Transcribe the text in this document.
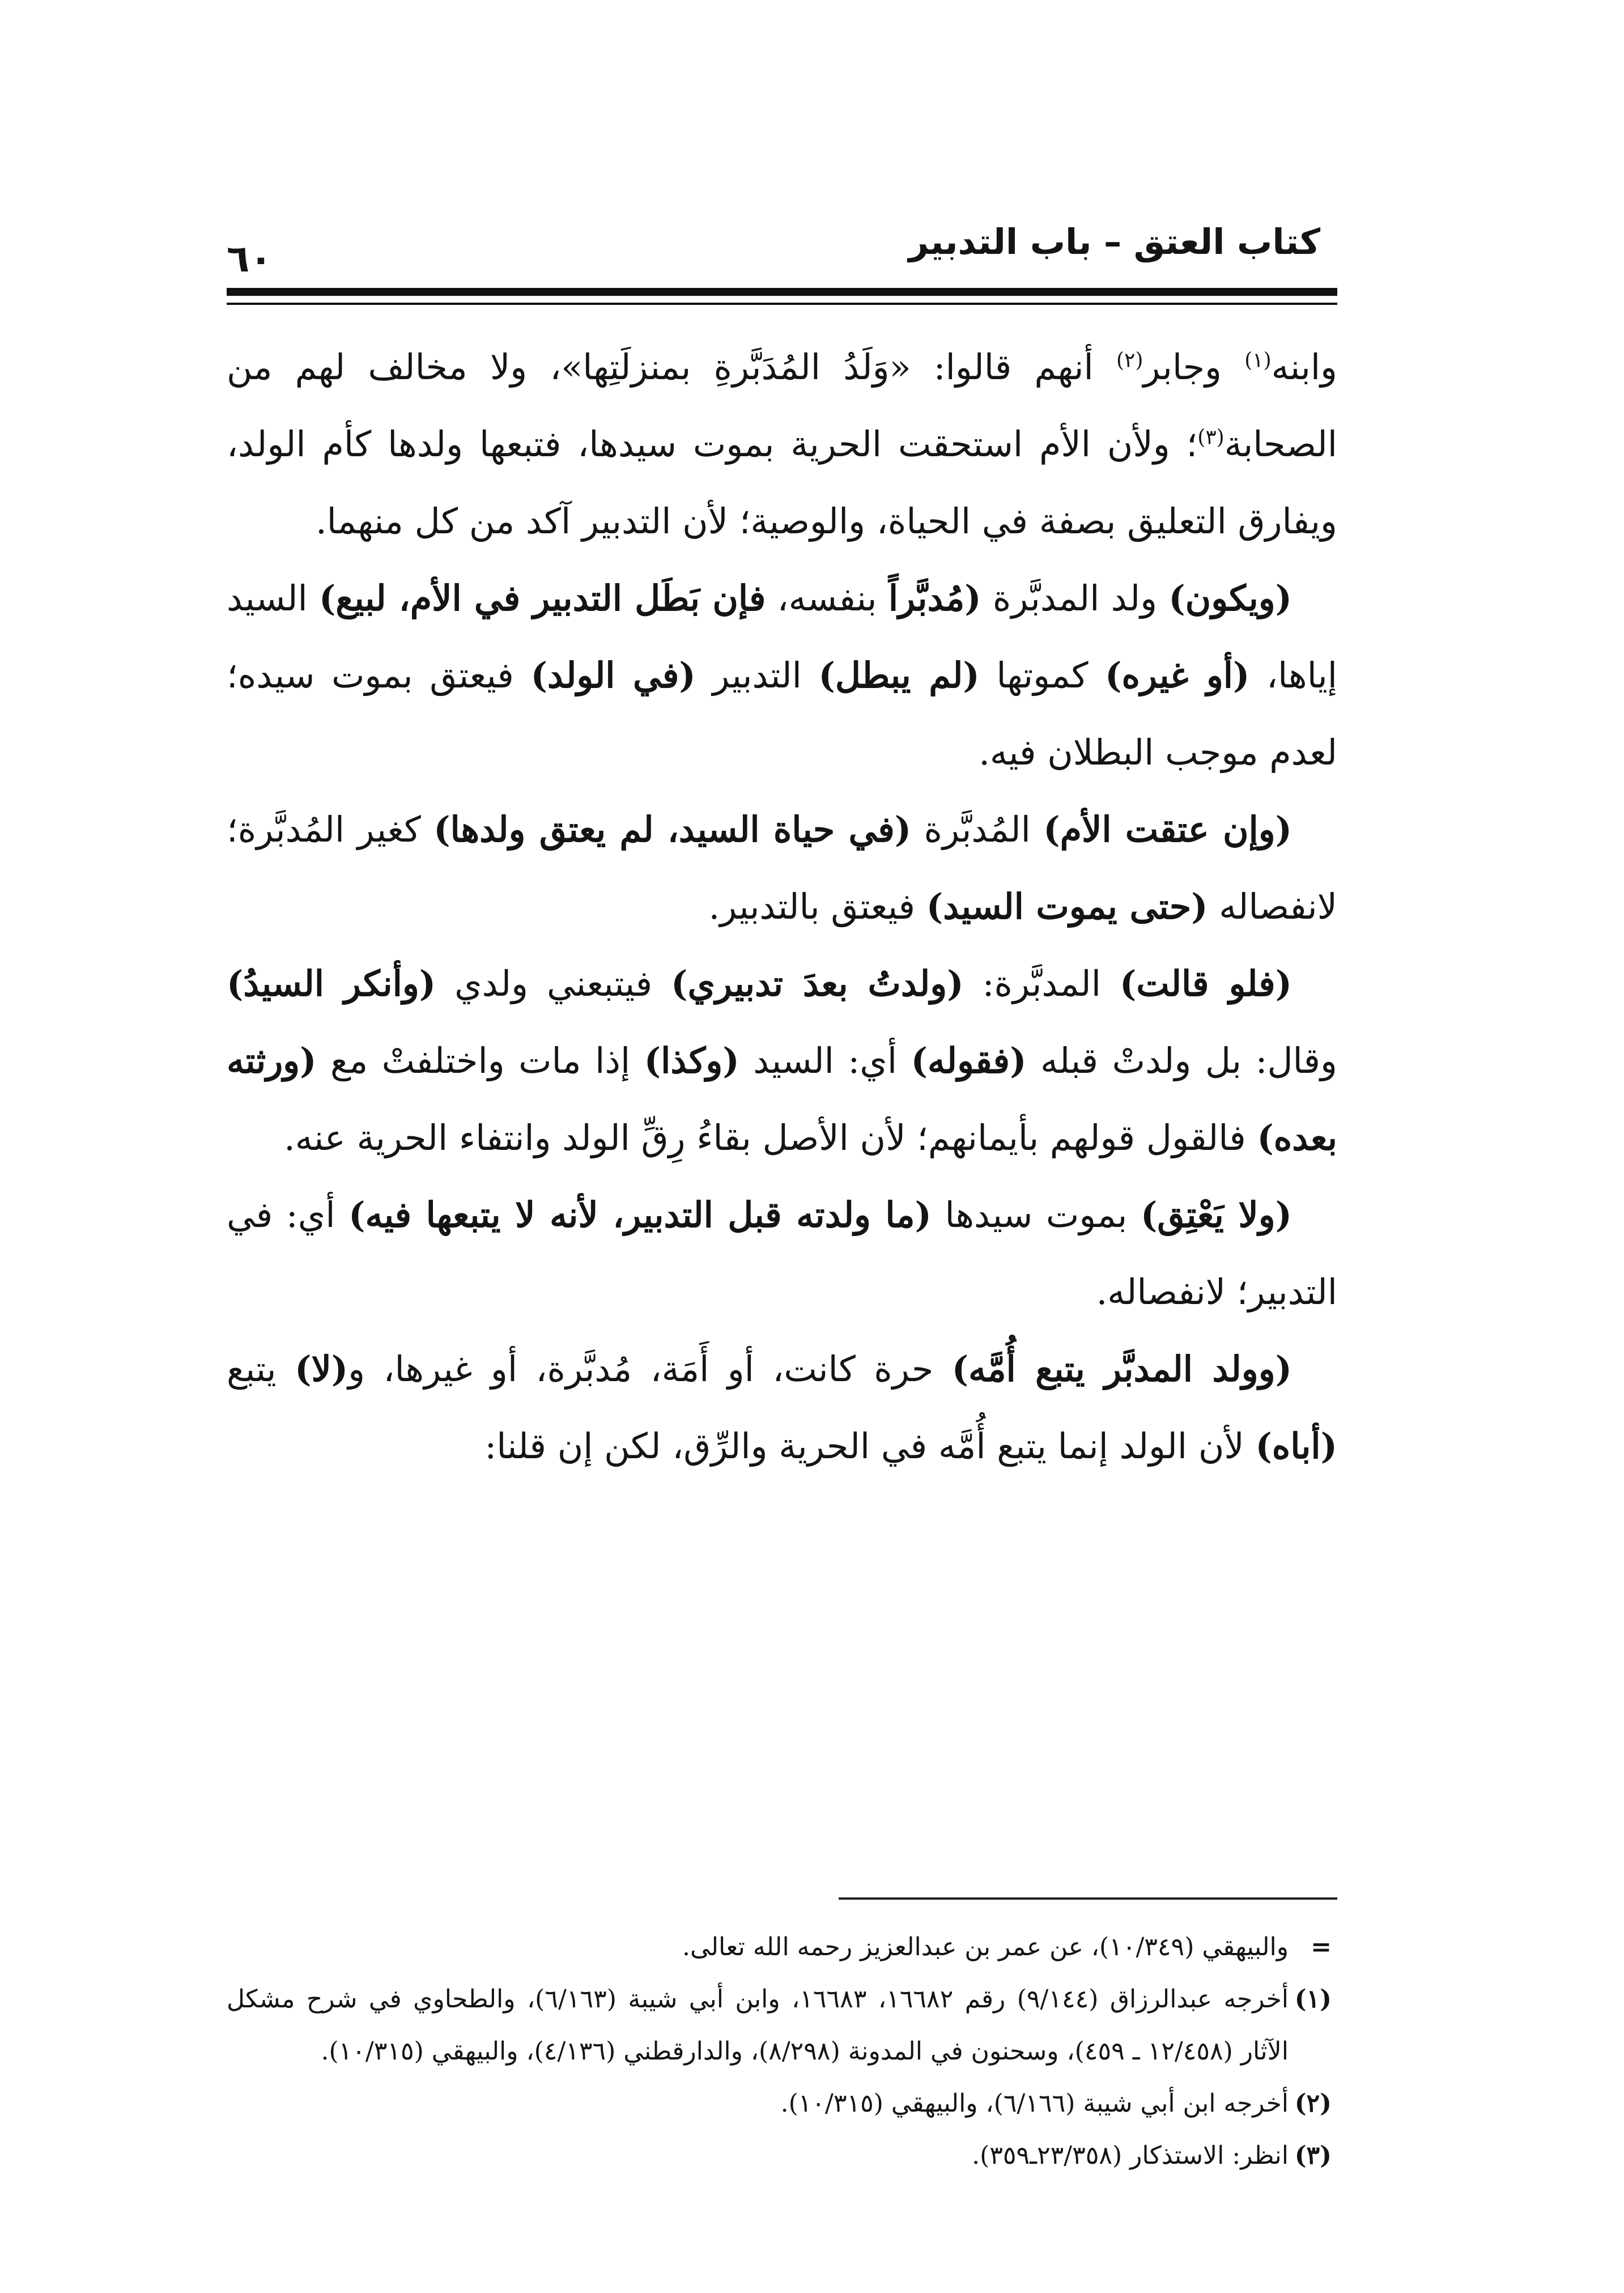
كتاب العتق – باب التدبير
٦٠

وابنه$^{(١)}$ وجابر$^{(٢)}$ أنهم قالوا: «وَلَدُ المُدَبَّرةِ بمنزلَتِها»، ولا مخالف لهم من الصحابة$^{(٣)}$؛ ولأن الأم استحقت الحرية بموت سيدها، فتبعها ولدها كأم الولد، ويفارق التعليق بصفة في الحياة، والوصية؛ لأن التدبير آكد من كل منهما.

(ويكون) ولد المدبَّرة (مُدبَّراً بنفسه، فإن بَطَل التدبير في الأم، لبيع) السيد إياها، (أو غيره) كموتها (لم يبطل) التدبير (في الولد) فيعتق بموت سيده؛ لعدم موجب البطلان فيه.

(وإن عتقت الأم) المُدبَّرة (في حياة السيد، لم يعتق ولدها) كغير المُدبَّرة؛ لانفصاله (حتى يموت السيد) فيعتق بالتدبير.

(فلو قالت) المدبَّرة: (ولدتُ بعدَ تدبيري) فيتبعني ولدي (وأنكر السيدُ) وقال: بل ولدتْ قبله (فقوله) أي: السيد (وكذا) إذا مات واختلفتْ مع (ورثته بعده) فالقول قولهم بأيمانهم؛ لأن الأصل بقاءُ رِقِّ الولد وانتفاء الحرية عنه.

(ولا يَعْتِق) بموت سيدها (ما ولدته قبل التدبير، لأنه لا يتبعها فيه) أي: في التدبير؛ لانفصاله.

(وولد المدبَّر يتبع أُمَّه) حرة كانت، أو أَمَة، مُدبَّرة، أو غيرها، و(لا) يتبع (أباه) لأن الولد إنما يتبع أُمَّه في الحرية والرِّق، لكن إن قلنا:

=
والبيهقي (١٠/٣٤٩)، عن عمر بن عبدالعزيز رحمه الله تعالى.
(١)
أخرجه عبدالرزاق (٩/١٤٤) رقم ١٦٦٨٢، ١٦٦٨٣، وابن أبي شيبة (٦/١٦٣)، والطحاوي في شرح مشكل الآثار (١٢/٤٥٨ ـ ٤٥٩)، وسحنون في المدونة (٨/٢٩٨)، والدارقطني (٤/١٣٦)، والبيهقي (١٠/٣١٥).
(٢)
أخرجه ابن أبي شيبة (٦/١٦٦)، والبيهقي (١٠/٣١٥).
(٣)
انظر: الاستذكار (٢٣/٣٥٨ـ٣٥٩).
